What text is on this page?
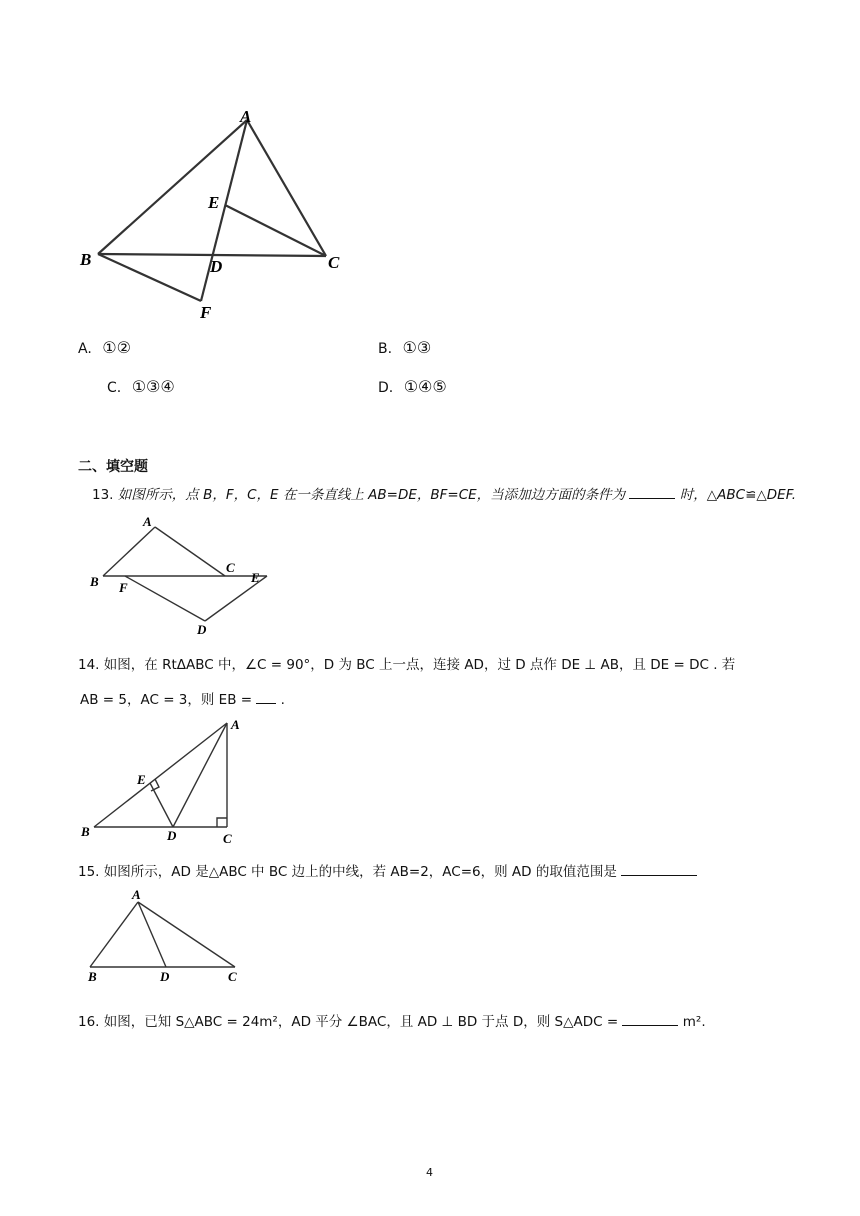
A
E
B	D	C
F
A. ①②	B. ①③
C. ①③④	D. ①④⑤
二、填空题
13. 如图所示，点 B，F，C，E 在一条直线上 AB=DE，BF=CE，当添加边方面的条件为	时，△ABC≌△DEF.
A
C
B F
E
D
14. 如图，在 RtΔABC 中，∠C = 90°，D 为 BC 上一点，连接 AD，过 D 点作 DE ⊥ AB，且 DE = DC . 若
AB = 5，AC = 3，则 EB = .
A
E
B	D	C
15. 如图所示，AD 是△ABC 中 BC 边上的中线，若 AB=2，AC=6，则 AD 的取值范围是
A
B	D	C
16. 如图，已知 S△ABC = 24m²，AD 平分 ∠BAC，且 AD ⊥ BD 于点 D，则 S△ADC =	m².
4
